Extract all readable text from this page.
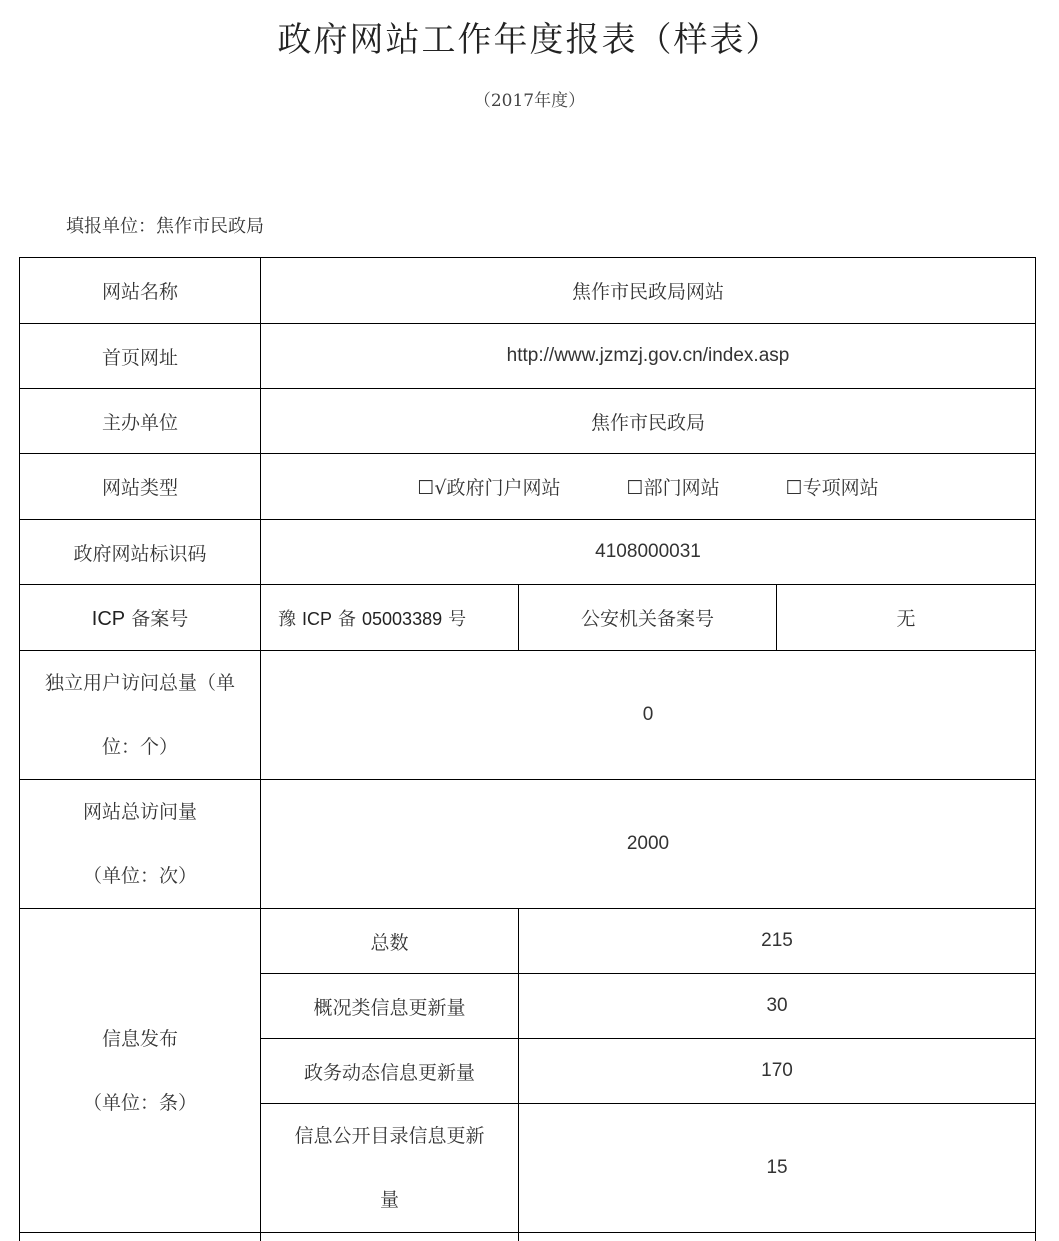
政府网站工作年度报表（样表）
（2017年度）
填报单位：焦作市民政局
网站名称	焦作市民政局网站		
首页网址	http://www.jzmzj.gov.cn/index.asp		
主办单位	焦作市民政局		
网站类型	☐√政府门户网站 ☐部门网站 ☐专项网站		
政府网站标识码	4108000031		
ICP 备案号	豫 ICP 备 05003389 号	公安机关备案号	无

独立用户访问总量（单
位：个）	0		

网站总访问量
（单位：次）	2000		

信息发布
（单位：条）	总数	215	
	概况类信息更新量	30	
	政务动态信息更新量	170	

	信息公开目录信息更新
量	15	
